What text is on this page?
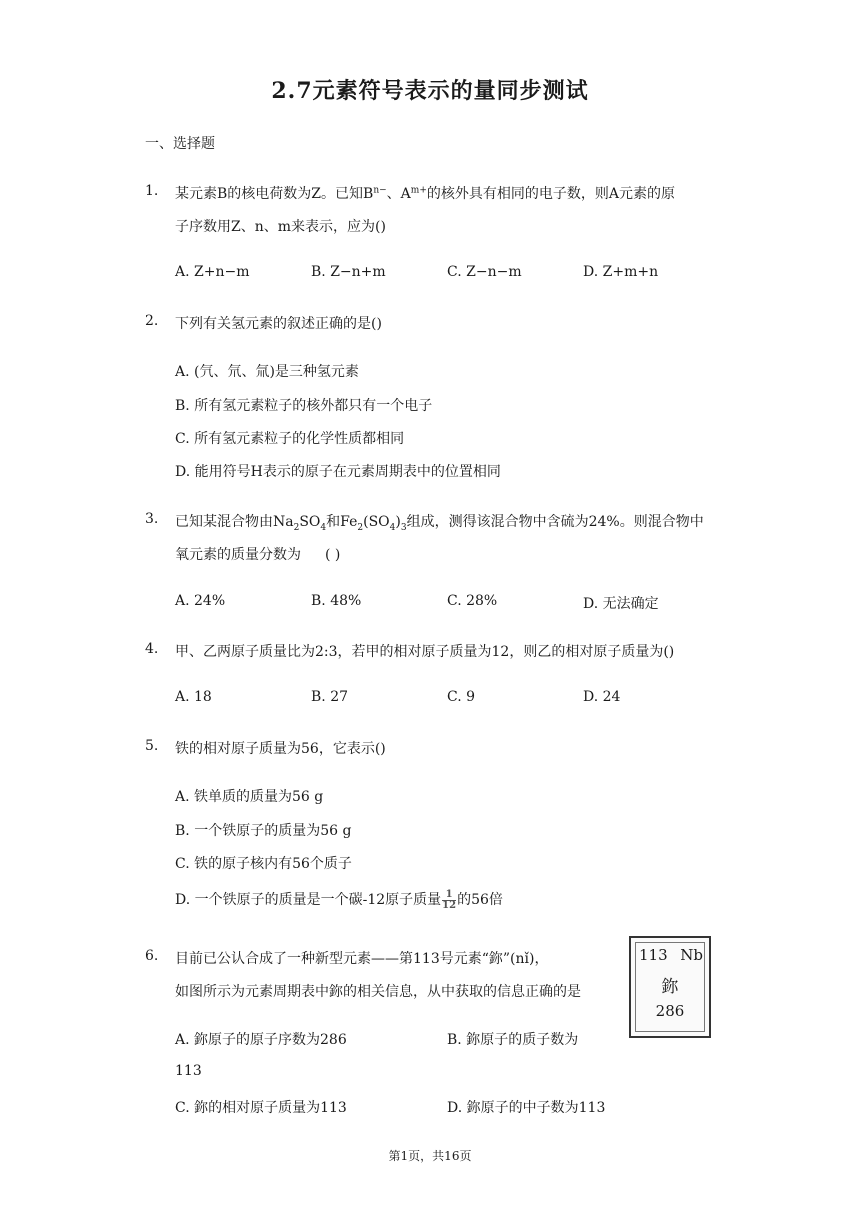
2.7元素符号表示的量同步测试
一、选择题
1. 某元素B的核电荷数为Z。已知$B^{n-}$、$A^{m+}$的核外具有相同的电子数，则A元素的原
子序数用Z、n、m来表示，应为()
A. Z+n−m	B. Z−n+m	C. Z−n−m	D. Z+m+n
2. 下列有关氢元素的叙述正确的是()
A. (氕、氘、氚)是三种氢元素
B. 所有氢元素粒子的核外都只有一个电子
C. 所有氢元素粒子的化学性质都相同
D. 能用符号H表示的原子在元素周期表中的位置相同
3. 已知某混合物由$Na_2SO_4$和$Fe_2(SO_4)_3$组成，测得该混合物中含硫为24%。则混合物中
氧元素的质量分数为 ( )
A. 24%	B. 48%	C. 28%	D. 无法确定
4. 甲、乙两原子质量比为2:3，若甲的相对原子质量为12，则乙的相对原子质量为()
A. 18	B. 27	C. 9	D. 24
5. 铁的相对原子质量为56，它表示()
A. 铁单质的质量为56 g
B. 一个铁原子的质量为56 g
C. 铁的原子核内有56个质子
D. 一个铁原子的质量是一个碳-12原子质量 $\frac{1}{12}$ 的56倍
6. 目前已公认合成了一种新型元素——第113号元素“鉨”(nǐ)，
如图所示为元素周期表中鉨的相关信息，从中获取的信息正确的是
A. 鉨原子的原子序数为286	B. 鉨原子的质子数为
113
C. 鉨的相对原子质量为113	D. 鉨原子的中子数为113
113 Nb
鉨
286
第1页，共16页
